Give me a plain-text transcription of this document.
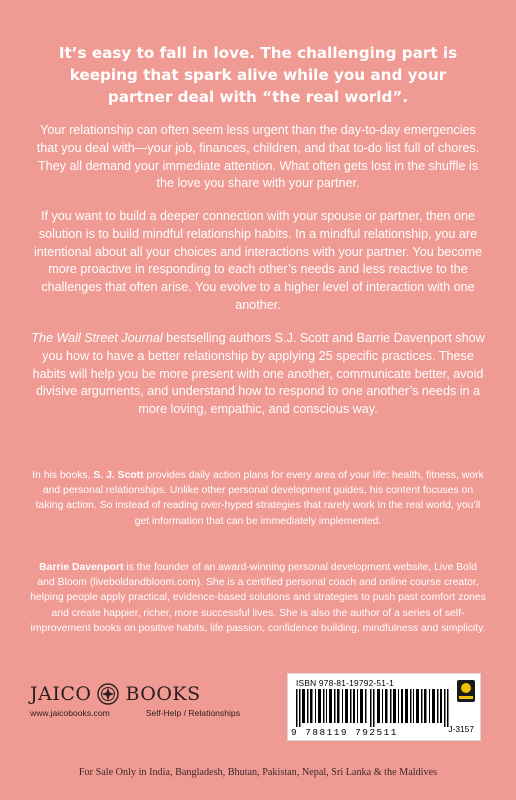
It’s easy to fall in love. The challenging part is keeping that spark alive while you and your partner deal with “the real world”.

Your relationship can often seem less urgent than the day-to-day emergencies that you deal with—your job, finances, children, and that to-do list full of chores. They all demand your immediate attention. What often gets lost in the shuffle is the love you share with your partner.

If you want to build a deeper connection with your spouse or partner, then one solution is to build mindful relationship habits. In a mindful relationship, you are intentional about all your choices and interactions with your partner. You become more proactive in responding to each other’s needs and less reactive to the challenges that often arise. You evolve to a higher level of interaction with one another.

The Wall Street Journal bestselling authors S.J. Scott and Barrie Davenport show you how to have a better relationship by applying 25 specific practices. These habits will help you be more present with one another, communicate better, avoid divisive arguments, and understand how to respond to one another’s needs in a more loving, empathic, and conscious way.

In his books, S. J. Scott provides daily action plans for every area of your life: health, fitness, work and personal relationships. Unlike other personal development guides, his content focuses on taking action. So instead of reading over-hyped strategies that rarely work in the real world, you’ll get information that can be immediately implemented.

Barrie Davenport is the founder of an award-winning personal development website, Live Bold and Bloom (liveboldandbloom.com). She is a certified personal coach and online course creator, helping people apply practical, evidence-based solutions and strategies to push past comfort zones and create happier, richer, more successful lives. She is also the author of a series of self-improvement books on positive habits, life passion, confidence building, mindfulness and simplicity.

JAICO BOOKS
www.jaicobooks.com	Self-Help / Relationships
ISBN 978-81-19792-51-1
9 788119 792511	J-3157
For Sale Only in India, Bangladesh, Bhutan, Pakistan, Nepal, Sri Lanka & the Maldives
